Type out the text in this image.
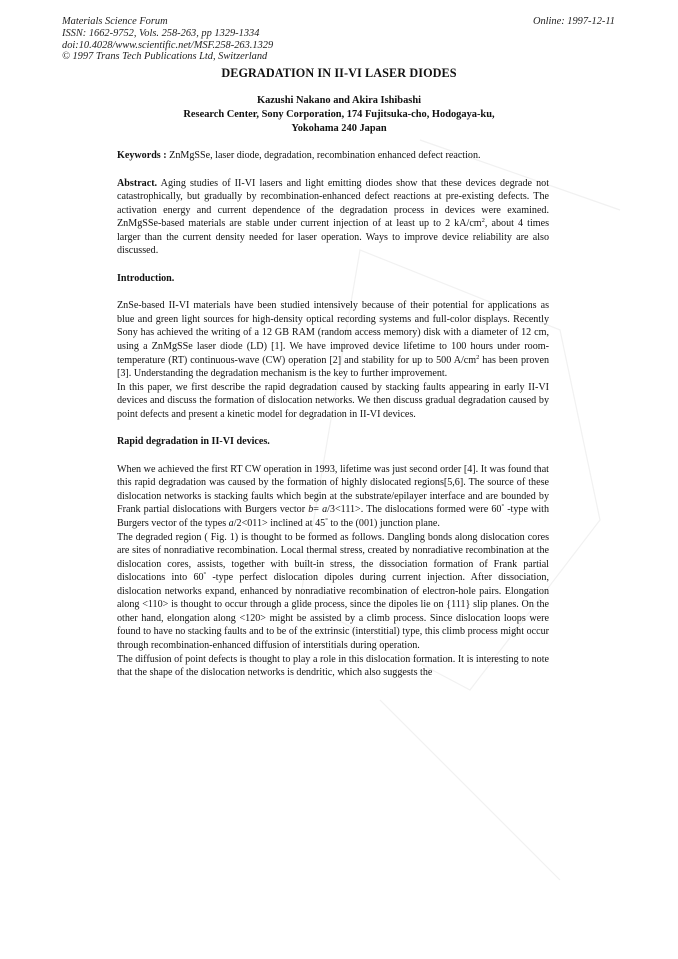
Materials Science Forum
ISSN: 1662-9752, Vols. 258-263, pp 1329-1334
doi:10.4028/www.scientific.net/MSF.258-263.1329
© 1997 Trans Tech Publications Ltd, Switzerland
Online: 1997-12-11
DEGRADATION IN II-VI LASER DIODES
Kazushi Nakano and Akira Ishibashi
Research Center, Sony Corporation, 174 Fujitsuka-cho, Hodogaya-ku,
Yokohama 240 Japan

Keywords : ZnMgSSe, laser diode, degradation, recombination enhanced defect reaction.

Abstract. Aging studies of II-VI lasers and light emitting diodes show that these devices degrade not catastrophically, but gradually by recombination-enhanced defect reactions at pre-existing defects. The activation energy and current dependence of the degradation process in devices were examined. ZnMgSSe-based materials are stable under current injection of at least up to 2 $kA/cm^2$, about 4 times larger than the current density needed for laser operation. Ways to improve device reliability are also discussed.

Introduction.

ZnSe-based II-VI materials have been studied intensively because of their potential for applications as blue and green light sources for high-density optical recording systems and full-color displays. Recently Sony has achieved the writing of a 12 GB RAM (random access memory) disk with a diameter of 12 cm, using a ZnMgSSe laser diode (LD) [1]. We have improved device lifetime to 100 hours under room-temperature (RT) continuous-wave (CW) operation [2] and stability for up to 500 $A/cm^2$ has been proven [3]. Understanding the degradation mechanism is the key to further improvement.

In this paper, we first describe the rapid degradation caused by stacking faults appearing in early II-VI devices and discuss the formation of dislocation networks. We then discuss gradual degradation caused by point defects and present a kinetic model for degradation in II-VI devices.

Rapid degradation in II-VI devices.

When we achieved the first RT CW operation in 1993, lifetime was just second order [4]. It was found that this rapid degradation was caused by the formation of highly dislocated regions[5,6]. The source of these dislocation networks is stacking faults which begin at the substrate/epilayer interface and are bounded by Frank partial dislocations with Burgers vector b= a/3<111>. The dislocations formed were 60° -type with Burgers vector of the types a/2<011> inclined at 45° to the (001) junction plane.

The degraded region ( Fig. 1) is thought to be formed as follows. Dangling bonds along dislocation cores are sites of nonradiative recombination. Local thermal stress, created by nonradiative recombination at the dislocation cores, assists, together with built-in stress, the dissociation formation of Frank partial dislocations into 60° -type perfect dislocation dipoles during current injection. After dissociation, dislocation networks expand, enhanced by nonradiative recombination of electron-hole pairs. Elongation along <110> is thought to occur through a glide process, since the dipoles lie on {111} slip planes. On the other hand, elongation along <120> might be assisted by a climb process. Since dislocation loops were found to have no stacking faults and to be of the extrinsic (interstitial) type, this climb process might occur through recombination-enhanced diffusion of interstitials during operation.

The diffusion of point defects is thought to play a role in this dislocation formation. It is interesting to note that the shape of the dislocation networks is dendritic, which also suggests the
